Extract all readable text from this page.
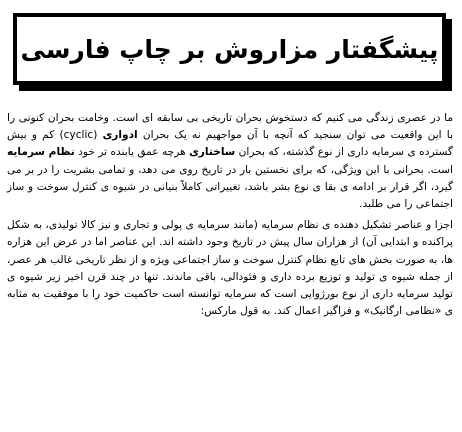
پیشگفتار مزاروش بر چاپ فارسی

ما در عصری زندگی می کنیم که دستخوش بحران تاریخی بی سابقه ای است. وخامت بحران کنونی را با این واقعیت می توان سنجید که آنچه با آن مواجهیم نه یک بحران ادواری (cyclic) کم و بیش گسترده ی سرمایه داری از نوع گذشته، که بحران ساختاری هرچه عمق یابنده تر خود نظام سرمایه است. بحرانی با این ویژگی، که برای نخستین بار در تاریخ روی می دهد، و تمامی بشریت را در بر می گیرد، اگر قرار بر ادامه ی بقا ی نوع بشر باشد، تغییراتی کاملاً بنیانی در شیوه ی کنترل سوخت و ساز اجتماعی را می طلبد.

اجزا و عناصر تشکیل دهنده ی نظام سرمایه (مانند سرمایه ی پولی و تجاری و نیز کالا تولیدی، به شکل پراکنده و ابتدایی آن) از هزاران سال پیش در تاریخ وجود داشته اند. این عناصر اما در عرض این هزاره ها، به صورت بخش های تابع نظام کنترل سوخت و ساز اجتماعی ویژه و از نظر تاریخی غالب هر عصر، از جمله شیوه ی تولید و توزیع برده داری و فئودالی، باقی ماندند. تنها در چند قرن اخیر زیر شیوه ی تولید سرمایه داری از نوع بورژوایی است که سرمایه توانسته است حاکمیت خود را با موفقیت به مثابه ی «نظامی ارگانیک» و فراگیر اعمال کند. به قول مارکس:
